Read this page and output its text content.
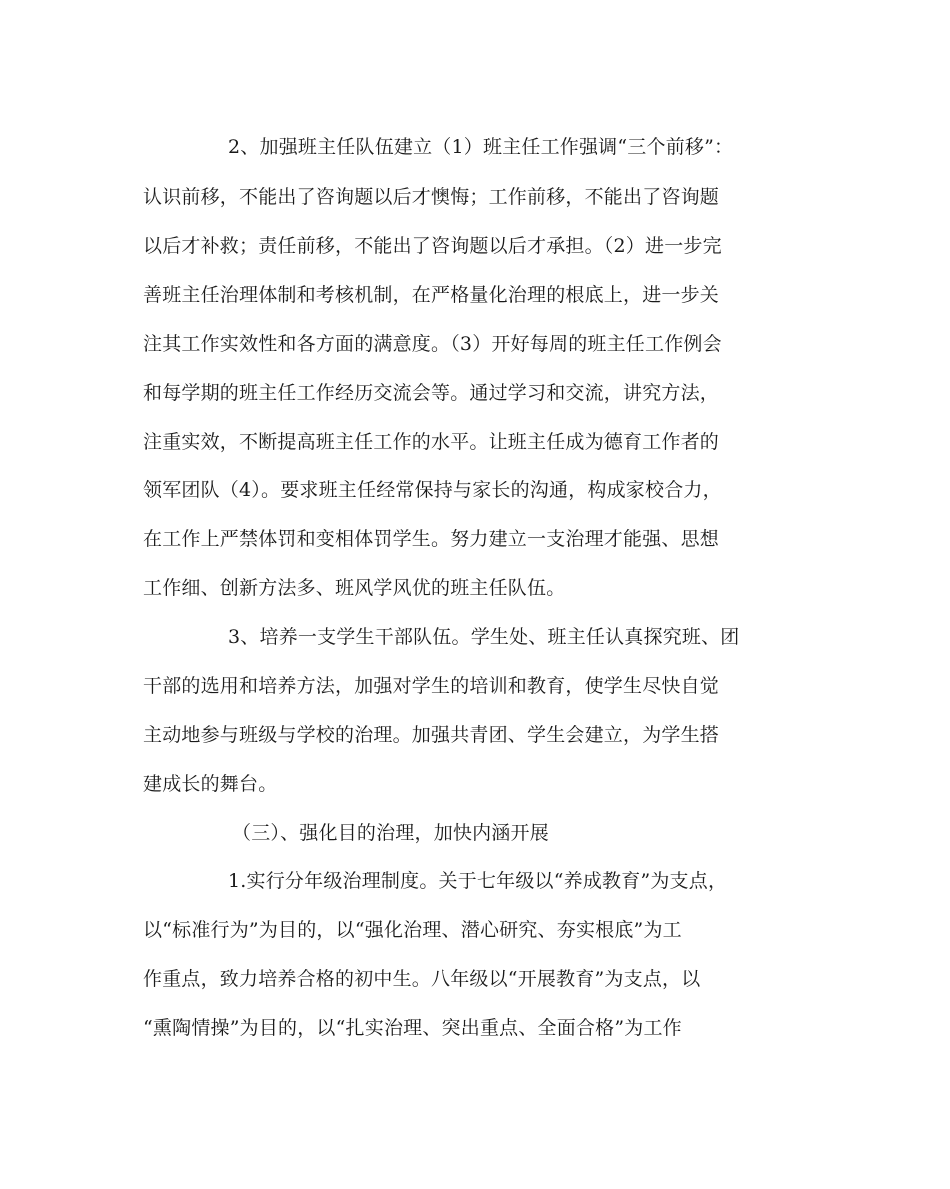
2、加强班主任队伍建立（1）班主任工作强调“三个前移”：

认识前移，不能出了咨询题以后才懊悔；工作前移，不能出了咨询题

以后才补救；责任前移，不能出了咨询题以后才承担。（2）进一步完

善班主任治理体制和考核机制，在严格量化治理的根底上，进一步关

注其工作实效性和各方面的满意度。（3）开好每周的班主任工作例会

和每学期的班主任工作经历交流会等。通过学习和交流，讲究方法，

注重实效，不断提高班主任工作的水平。让班主任成为德育工作者的

领军团队（4）。要求班主任经常保持与家长的沟通，构成家校合力，

在工作上严禁体罚和变相体罚学生。努力建立一支治理才能强、思想

工作细、创新方法多、班风学风优的班主任队伍。

3、培养一支学生干部队伍。学生处、班主任认真探究班、团

干部的选用和培养方法，加强对学生的培训和教育，使学生尽快自觉

主动地参与班级与学校的治理。加强共青团、学生会建立，为学生搭

建成长的舞台。

（三）、强化目的治理，加快内涵开展

1.实行分年级治理制度。关于七年级以“养成教育”为支点，

以“标准行为”为目的，以“强化治理、潜心研究、夯实根底”为工

作重点，致力培养合格的初中生。八年级以“开展教育”为支点，以

“熏陶情操”为目的，以“扎实治理、突出重点、全面合格”为工作
